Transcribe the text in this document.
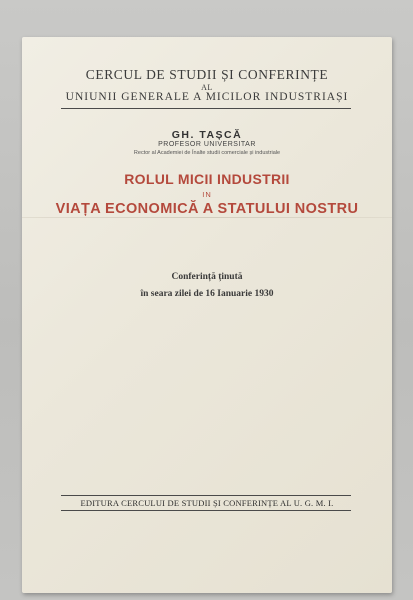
CERCUL DE STUDII ȘI CONFERINȚE
AL
UNIUNII GENERALE A MICILOR INDUSTRIAȘI
GH. TAȘCĂ
PROFESOR UNIVERSITAR
Rector al Academiei de Înalte studii comerciale și industriale
ROLUL MICII INDUSTRII
IN
VIAȚA ECONOMICĂ A STATULUI NOSTRU
Conferință ținută
în seara zilei de 16 Ianuarie 1930
EDITURA CERCULUI DE STUDII ȘI CONFERINȚE AL U. G. M. I.
